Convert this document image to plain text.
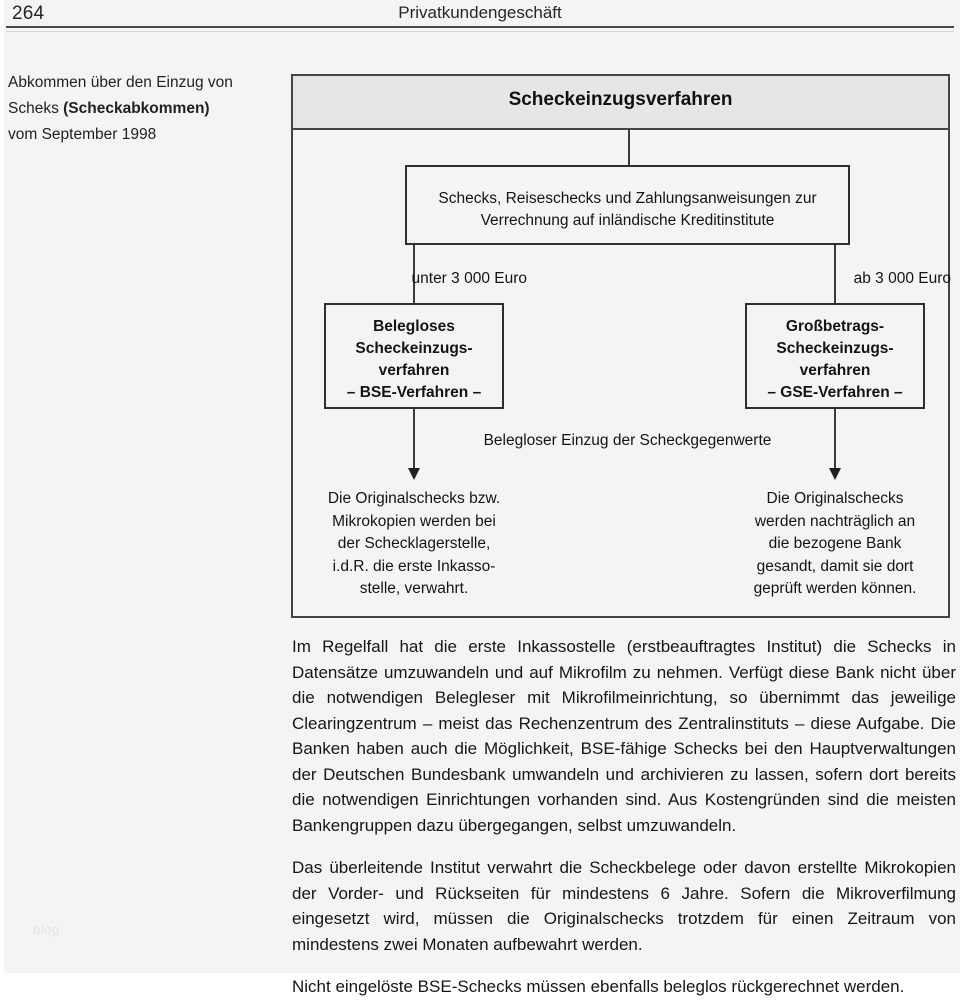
264	Privatkundengeschäft
Abkommen über den Einzug von
Scheks (Scheckabkommen)
vom September 1998
Scheckeinzugsverfahren
Schecks, Reiseschecks und Zahlungsanweisungen zur
Verrechnung auf inländische Kreditinstitute
unter 3 000 Euro	ab 3 000 Euro
Belegloses
Scheckeinzugs-
verfahren
– BSE-Verfahren –
Großbetrags-
Scheckeinzugs-
verfahren
– GSE-Verfahren –
Belegloser Einzug der Scheckgegenwerte
Die Originalschecks bzw.
Mikrokopien werden bei
der Schecklagerstelle,
i.d.R. die erste Inkasso-
stelle, verwahrt.
Die Originalschecks
werden nachträglich an
die bezogene Bank
gesandt, damit sie dort
geprüft werden können.

Im Regelfall hat die erste Inkassostelle (erstbeauftragtes Institut) die Schecks in Datensätze umzuwandeln und auf Mikrofilm zu nehmen. Verfügt diese Bank nicht über die notwendigen Belegleser mit Mikrofilmeinrichtung, so übernimmt das jeweilige Clearingzentrum – meist das Rechenzentrum des Zentralinstituts – diese Aufgabe. Die Banken haben auch die Möglichkeit, BSE-fähige Schecks bei den Hauptverwaltungen der Deutschen Bundesbank umwandeln und archivieren zu lassen, sofern dort bereits die notwendigen Einrichtungen vorhanden sind. Aus Kostengründen sind die meisten Bankengruppen dazu übergegangen, selbst umzuwandeln.

Das überleitende Institut verwahrt die Scheckbelege oder davon erstellte Mikrokopien der Vorder- und Rückseiten für mindestens 6 Jahre. Sofern die Mikroverfilmung eingesetzt wird, müssen die Originalschecks trotzdem für einen Zeitraum von mindestens zwei Monaten aufbewahrt werden.

Nicht eingelöste BSE-Schecks müssen ebenfalls beleglos rückgerechnet werden.

blog
